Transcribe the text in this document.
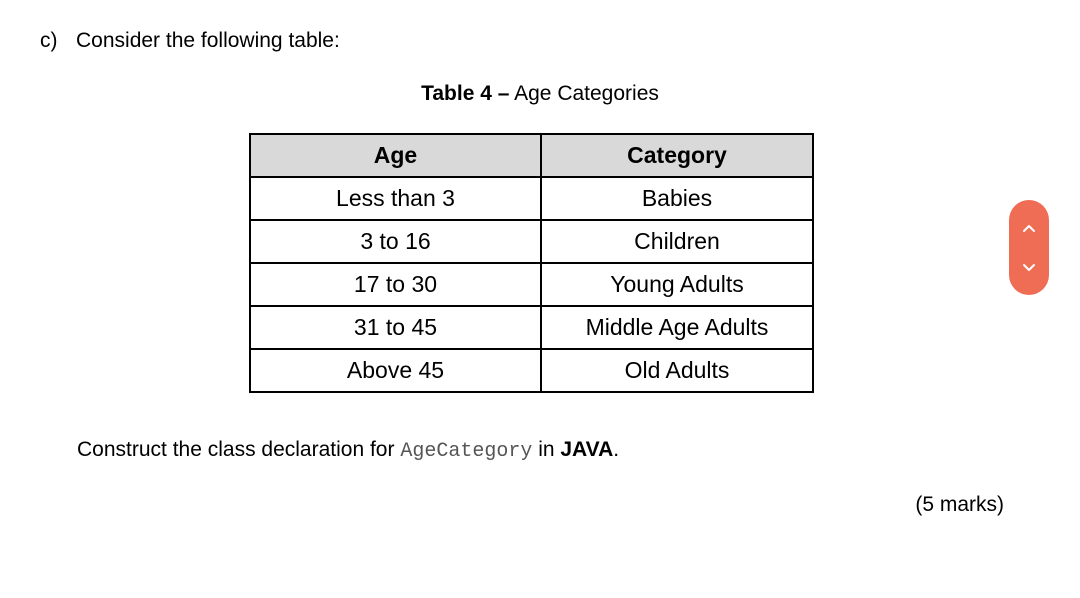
c) Consider the following table:
Table 4 – Age Categories
Age	Category
Less than 3	Babies
3 to 16	Children
17 to 30	Young Adults
31 to 45	Middle Age Adults
Above 45	Old Adults
Construct the class declaration for AgeCategory in JAVA.
(5 marks)
